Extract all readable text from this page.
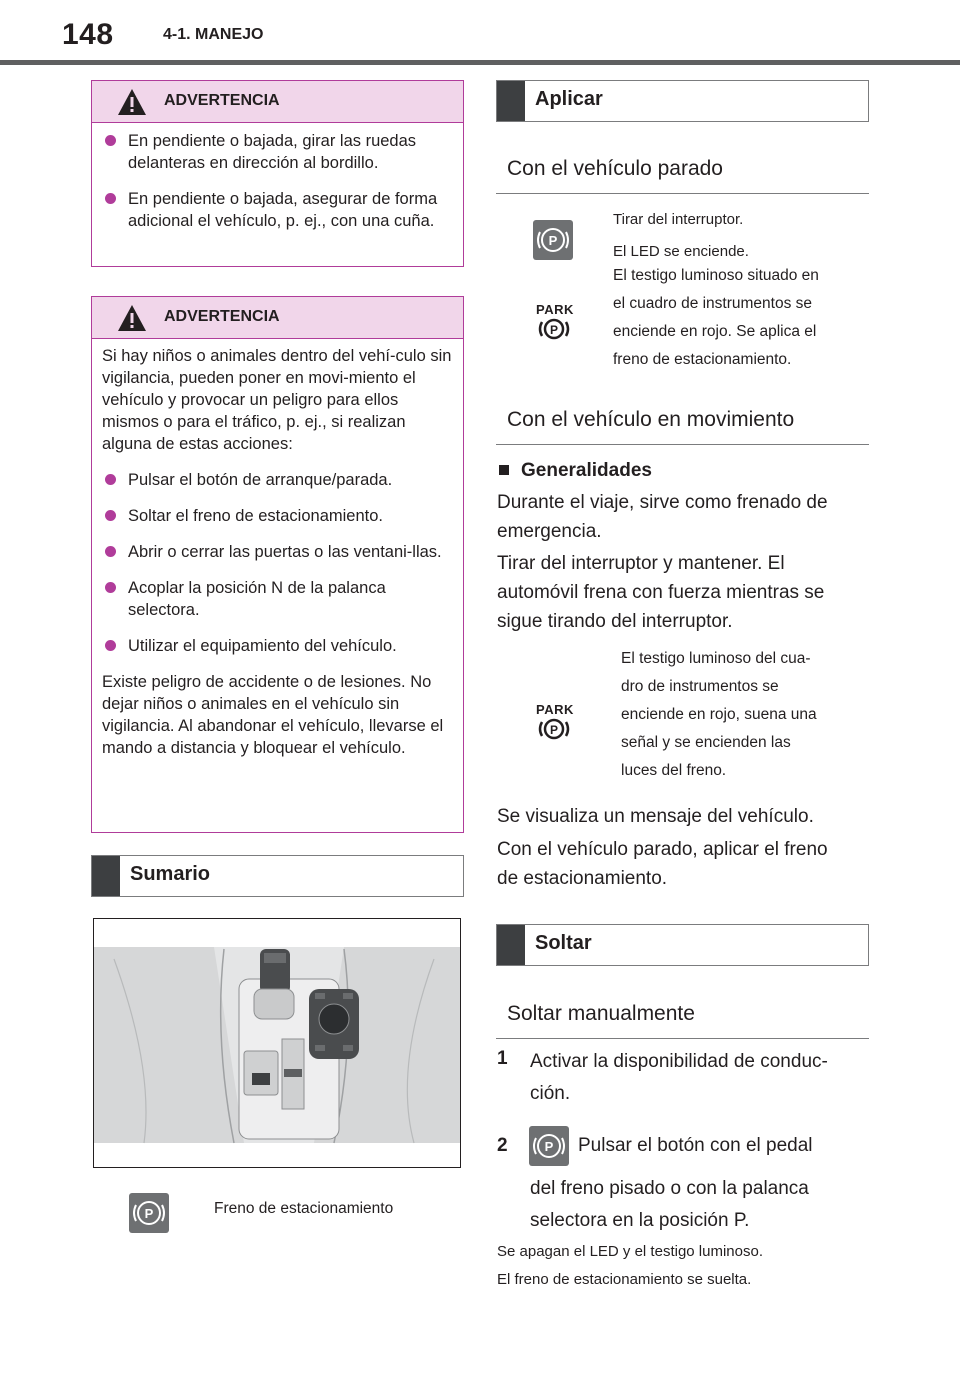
148	4-1. MANEJO
ADVERTENCIA
En pendiente o bajada, girar las ruedas delanteras en dirección al bordillo.
En pendiente o bajada, asegurar de forma adicional el vehículo, p. ej., con una cuña.
ADVERTENCIA

Si hay niños o animales dentro del vehí-culo sin vigilancia, pueden poner en movi-miento el vehículo y provocar un peligro para ellos mismos o para el tráfico, p. ej., si realizan alguna de estas acciones:

Pulsar el botón de arranque/parada.
Soltar el freno de estacionamiento.
Abrir o cerrar las puertas o las ventani-llas.
Acoplar la posición N de la palanca selectora.
Utilizar el equipamiento del vehículo.

Existe peligro de accidente o de lesiones. No dejar niños o animales en el vehículo sin vigilancia. Al abandonar el vehículo, llevarse el mando a distancia y bloquear el vehículo.

Sumario
P	Freno de estacionamiento
Aplicar
Con el vehículo parado
P
Tirar del interruptor.
El LED se enciende.
PARK
P
El testigo luminoso situado en
el cuadro de instrumentos se
enciende en rojo. Se aplica el
freno de estacionamiento.
Con el vehículo en movimiento
Generalidades
Durante el viaje, sirve como frenado de
emergencia.
Tirar del interruptor y mantener. El
automóvil frena con fuerza mientras se
sigue tirando del interruptor.
PARK
P
El testigo luminoso del cua-
dro de instrumentos se
enciende en rojo, suena una
señal y se encienden las
luces del freno.
Se visualiza un mensaje del vehículo.
Con el vehículo parado, aplicar el freno
de estacionamiento.
Soltar
Soltar manualmente
1 Activar la disponibilidad de conduc-
ción.
2	P Pulsar el botón con el pedal
del freno pisado o con la palanca
selectora en la posición P.
Se apagan el LED y el testigo luminoso.
El freno de estacionamiento se suelta.
